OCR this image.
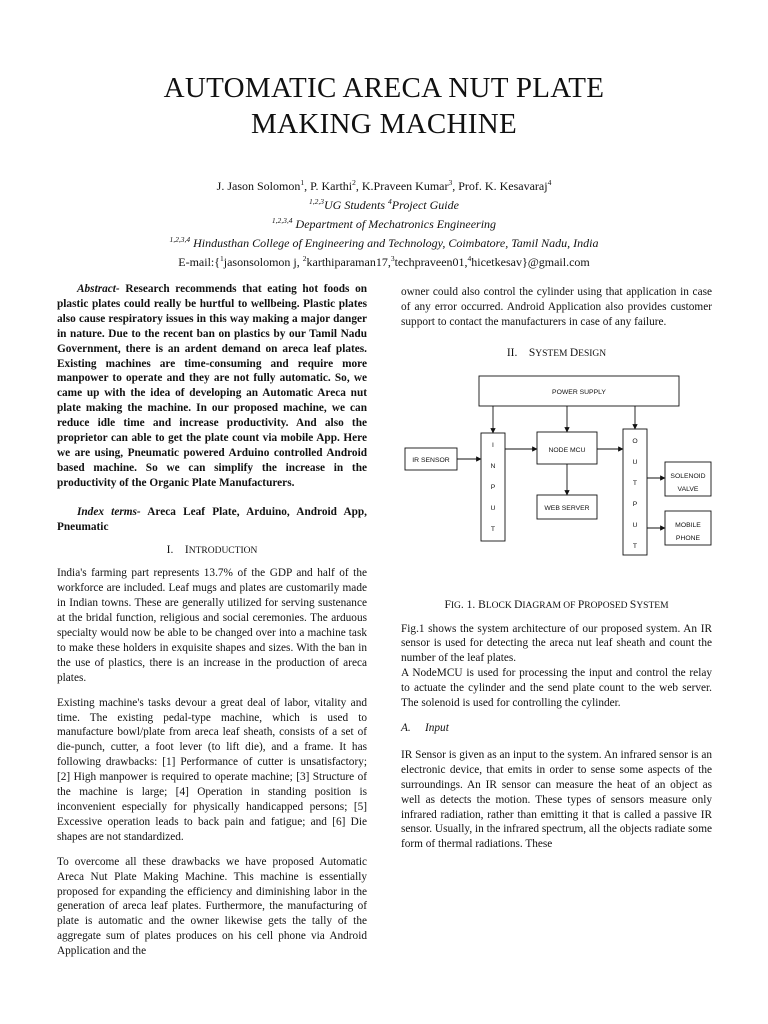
AUTOMATIC ARECA NUT PLATE
MAKING MACHINE
J. Jason Solomon$^1$, P. Karthi$^2$, K.Praveen Kumar$^3$, Prof. K. Kesavaraj$^4$
$^{1,2,3}$UG Students $^4$Project Guide
$^{1,2,3,4}$ Department of Mechatronics Engineering
$^{1,2,3,4}$ Hindusthan College of Engineering and Technology, Coimbatore, Tamil Nadu, India
E-mail:{$^1$jasonsolomon j, $^2$karthiparaman17,$^3$techpraveen01,$^4$hicetkesav}@gmail.com

Abstract- Research recommends that eating hot foods on plastic plates could really be hurtful to wellbeing. Plastic plates also cause respiratory issues in this way making a major danger in nature. Due to the recent ban on plastics by our Tamil Nadu Government, there is an ardent demand on areca leaf plates. Existing machines are time-consuming and require more manpower to operate and they are not fully automatic. So, we came up with the idea of developing an Automatic Areca nut plate making the machine. In our proposed machine, we can reduce idle time and increase productivity. And also the proprietor can able to get the plate count via mobile App. Here we are using, Pneumatic powered Arduino controlled Android based machine. So we can simplify the increase in the productivity of the Organic Plate Manufacturers.

Index terms- Areca Leaf Plate, Arduino, Android App, Pneumatic

I. INTRODUCTION

India's farming part represents 13.7% of the GDP and half of the workforce are included. Leaf mugs and plates are customarily made in Indian towns. These are generally utilized for serving sustenance at the bridal function, religious and social ceremonies. The arduous specialty would now be able to be changed over into a machine task to make these holders in exquisite shapes and sizes. With the ban in the use of plastics, there is an increase in the production of areca plates.

Existing machine's tasks devour a great deal of labor, vitality and time. The existing pedal-type machine, which is used to manufacture bowl/plate from areca leaf sheath, consists of a set of die-punch, cutter, a foot lever (to lift die), and a frame. It has following drawbacks: [1] Performance of cutter is unsatisfactory; [2] High manpower is required to operate machine; [3] Structure of the machine is large; [4] Operation in standing position is inconvenient especially for physically handicapped persons; [5] Excessive operation leads to back pain and fatigue; and [6] Die shapes are not standardized.

To overcome all these drawbacks we have proposed Automatic Areca Nut Plate Making Machine. This machine is essentially proposed for expanding the efficiency and diminishing labor in the generation of areca leaf plates. Furthermore, the manufacturing of plate is automatic and the owner likewise gets the tally of the aggregate sum of plates produces on his cell phone via Android Application and the

owner could also control the cylinder using that application in case of any error occurred. Android Application also provides customer support to contact the manufacturers in case of any failure.

II. SYSTEM DESIGN
POWER SUPPLY
IR SENSOR
NODE MCU
WEB SERVER
SOLENOID
VALVE
MOBILE
PHONE
I
N
P
U
T
O
U
T
P
U
T
FIG. 1. BLOCK DIAGRAM OF PROPOSED SYSTEM

Fig.1 shows the system architecture of our proposed system. An IR sensor is used for detecting the areca nut leaf sheath and count the number of the leaf plates.

A NodeMCU is used for processing the input and control the relay to actuate the cylinder and the send plate count to the web server. The solenoid is used for controlling the cylinder.

A. Input

IR Sensor is given as an input to the system. An infrared sensor is an electronic device, that emits in order to sense some aspects of the surroundings. An IR sensor can measure the heat of an object as well as detects the motion. These types of sensors measure only infrared radiation, rather than emitting it that is called a passive IR sensor. Usually, in the infrared spectrum, all the objects radiate some form of thermal radiations. These
